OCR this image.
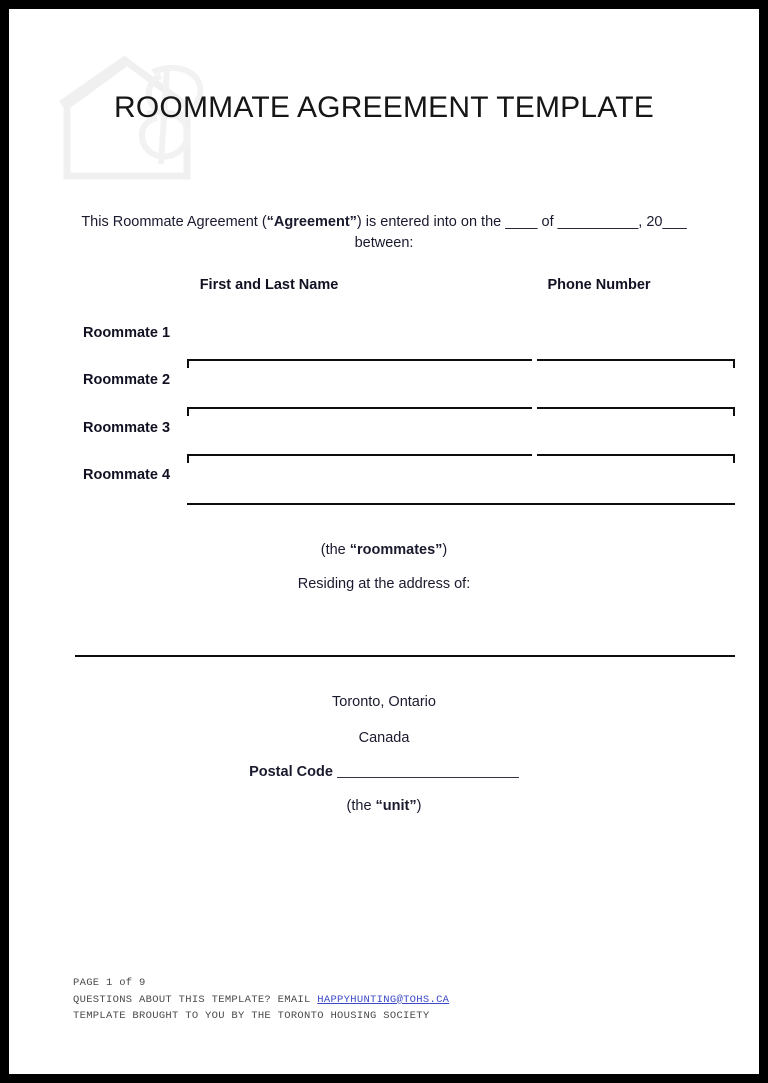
ROOMMATE AGREEMENT TEMPLATE
This Roommate Agreement (“Agreement”) is entered into on the ____ of __________, 20___
between:
First and Last Name	Phone Number
Roommate 1
Roommate 2
Roommate 3
Roommate 4
(the “roommates”)
Residing at the address of:
Toronto, Ontario
Canada
Postal Code
(the “unit”)
PAGE 1 of 9
QUESTIONS ABOUT THIS TEMPLATE? EMAIL HAPPYHUNTING@TOHS.CA
TEMPLATE BROUGHT TO YOU BY THE TORONTO HOUSING SOCIETY
